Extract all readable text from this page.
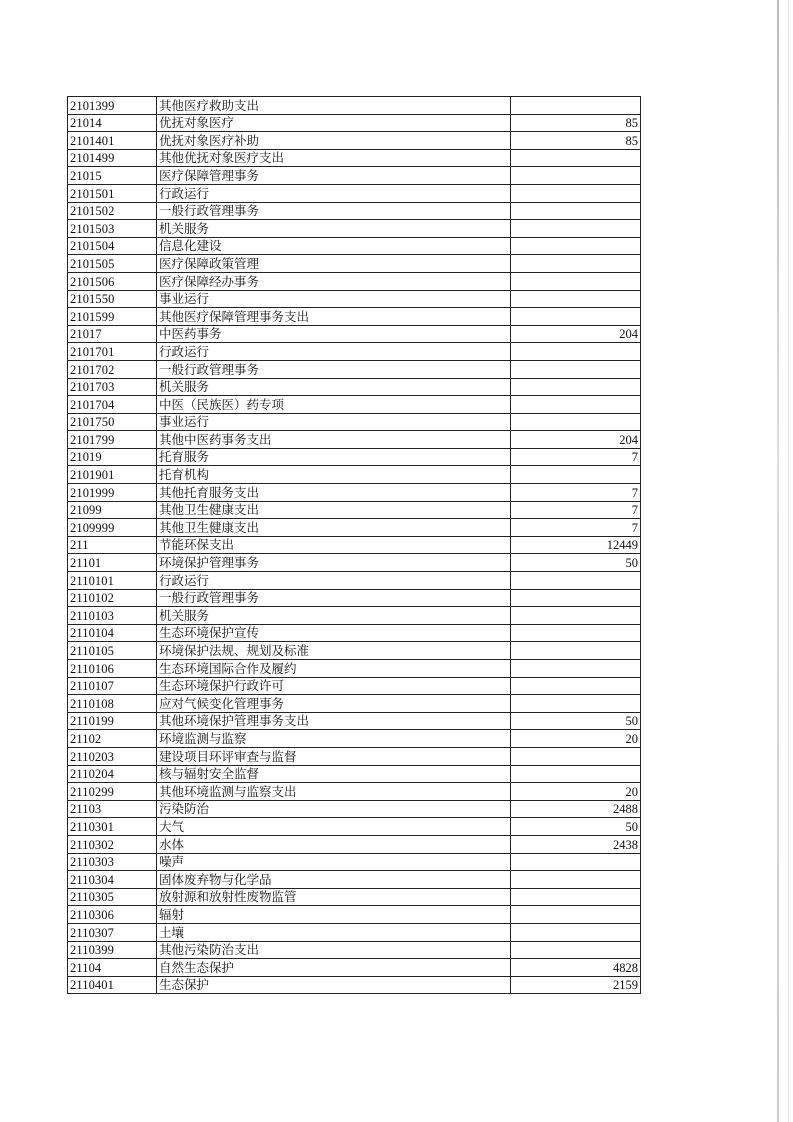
2101399	其他医疗救助支出	
21014	优抚对象医疗	85
2101401	优抚对象医疗补助	85
2101499	其他优抚对象医疗支出	
21015	医疗保障管理事务	
2101501	行政运行	
2101502	一般行政管理事务	
2101503	机关服务	
2101504	信息化建设	
2101505	医疗保障政策管理	
2101506	医疗保障经办事务	
2101550	事业运行	
2101599	其他医疗保障管理事务支出	
21017	中医药事务	204
2101701	行政运行	
2101702	一般行政管理事务	
2101703	机关服务	
2101704	中医（民族医）药专项	
2101750	事业运行	
2101799	其他中医药事务支出	204
21019	托育服务	7
2101901	托育机构	
2101999	其他托育服务支出	7
21099	其他卫生健康支出	7
2109999	其他卫生健康支出	7
211	节能环保支出	12449
21101	环境保护管理事务	50
2110101	行政运行	
2110102	一般行政管理事务	
2110103	机关服务	
2110104	生态环境保护宣传	
2110105	环境保护法规、规划及标准	
2110106	生态环境国际合作及履约	
2110107	生态环境保护行政许可	
2110108	应对气候变化管理事务	
2110199	其他环境保护管理事务支出	50
21102	环境监测与监察	20
2110203	建设项目环评审查与监督	
2110204	核与辐射安全监督	
2110299	其他环境监测与监察支出	20
21103	污染防治	2488
2110301	大气	50
2110302	水体	2438
2110303	噪声	
2110304	固体废弃物与化学品	
2110305	放射源和放射性废物监管	
2110306	辐射	
2110307	土壤	
2110399	其他污染防治支出	
21104	自然生态保护	4828
2110401	生态保护	2159
